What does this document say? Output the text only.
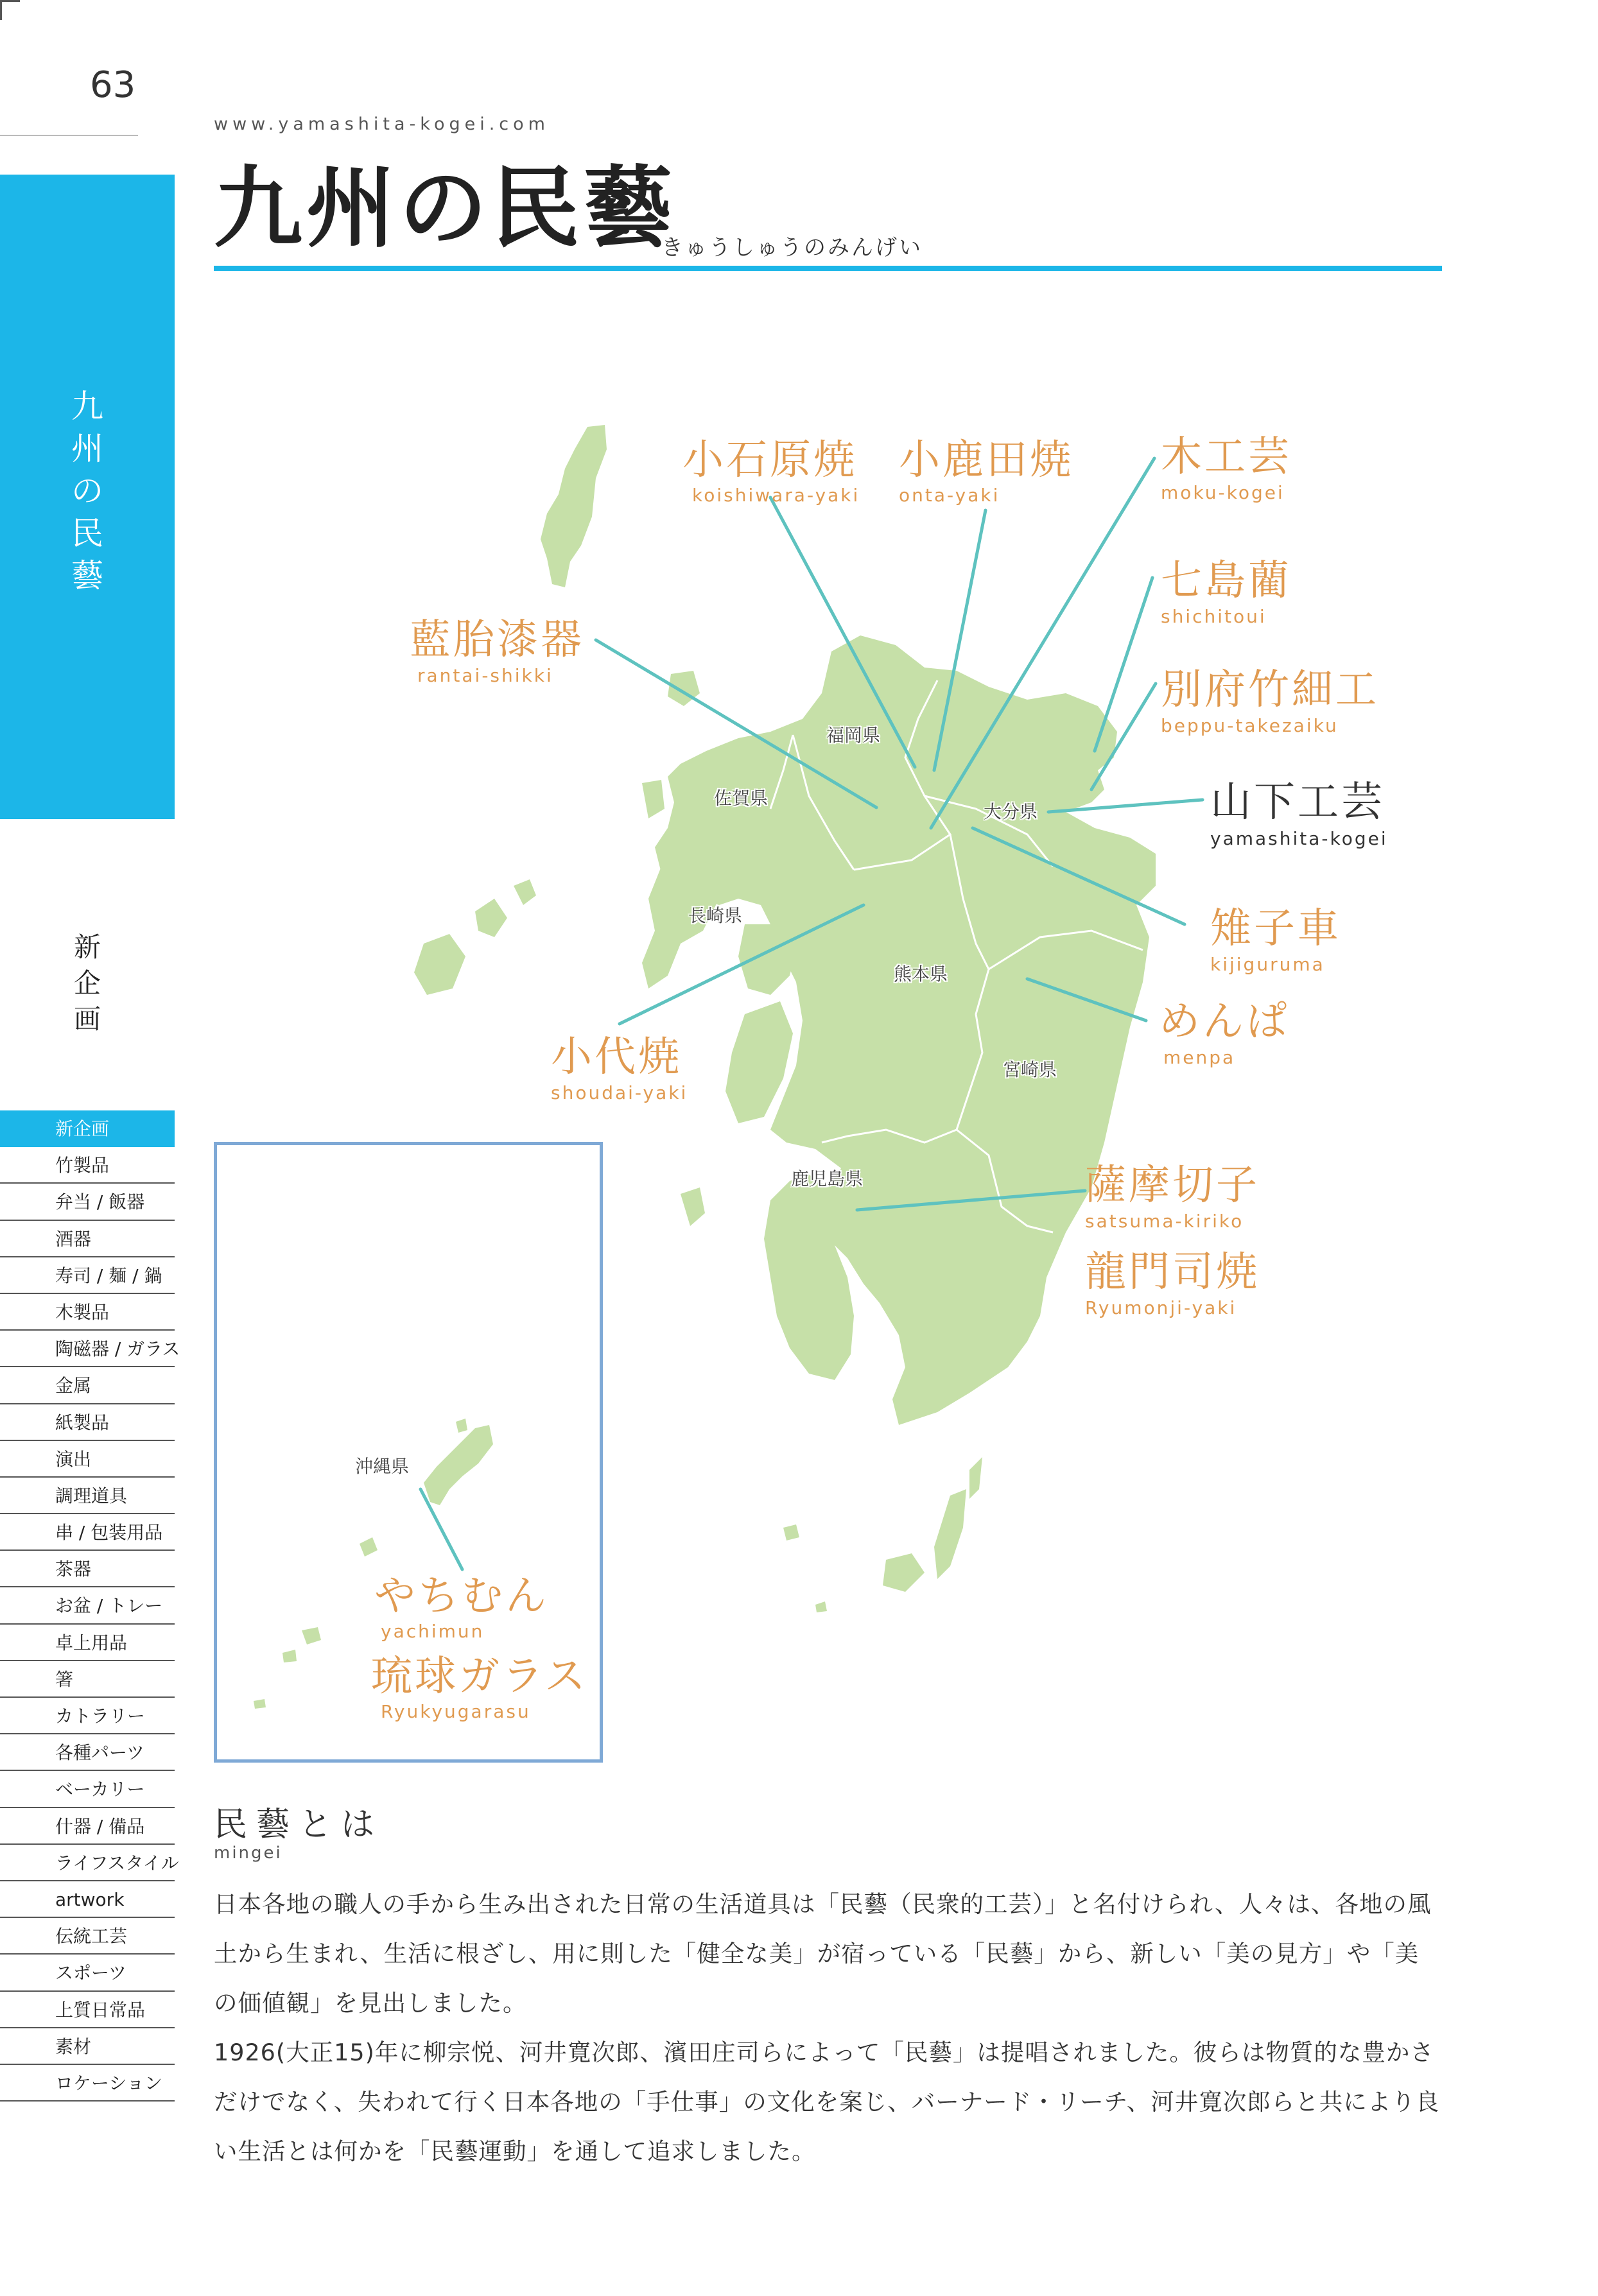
63
www.yamashita-kogei.com
九州の民藝
きゅうしゅうのみんげい
九
州
の
民
藝
新
企
画
新企画
竹製品
弁当 / 飯器
酒器
寿司 / 麺 / 鍋
木製品
陶磁器 / ガラス
金属
紙製品
演出
調理道具
串 / 包装用品
茶器
お盆 / トレー
卓上用品
箸
カトラリー
各種パーツ
ベーカリー
什器 / 備品
ライフスタイル
artwork
伝統工芸
スポーツ
上質日常品
素材
ロケーション
福岡県
佐賀県
長崎県
熊本県
大分県
宮崎県
鹿児島県
沖縄県
小石原焼
koishiwara-yaki
小鹿田焼
onta-yaki
木工芸
moku-kogei
七島藺
shichitoui
藍胎漆器
rantai-shikki	別府竹細工
beppu-takezaiku
山下工芸
yamashita-kogei
雉子車
kijiguruma
めんぱ
menpa
小代焼
shoudai-yaki
薩摩切子
satsuma-kiriko
龍門司焼
Ryumonji-yaki
やちむん
yachimun
琉球ガラス
Ryukyugarasu
民藝とは
mingei

日本各地の職人の手から生み出された日常の生活道具は「民藝（民衆的工芸）」と名付けられ、人々は、各地の風土から生まれ、生活に根ざし、用に則した「健全な美」が宿っている「民藝」から、新しい「美の見方」や「美の価値観」を見出しました。

1926(大正15)年に柳宗悦、河井寛次郎、濱田庄司らによって「民藝」は提唱されました。彼らは物質的な豊かさだけでなく、失われて行く日本各地の「手仕事」の文化を案じ、バーナード・リーチ、河井寛次郎らと共により良い生活とは何かを「民藝運動」を通して追求しました。
